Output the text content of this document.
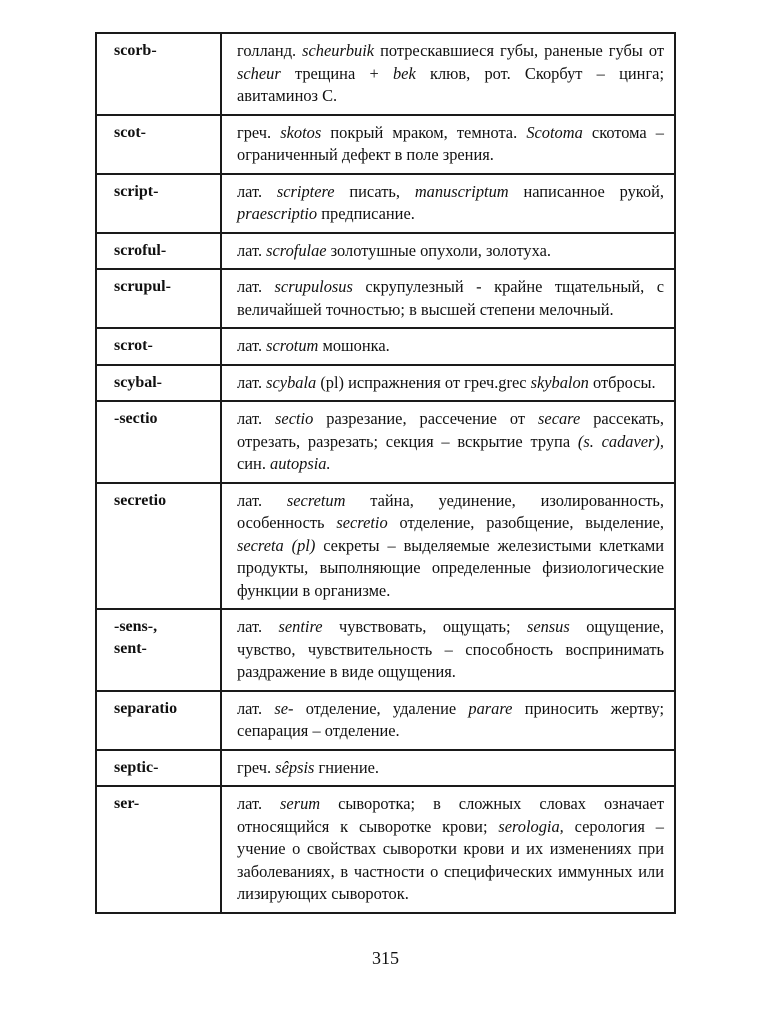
scorb-	голланд. scheurbuik потрескавшиеся губы, раненые губы от scheur трещина + bek клюв, рот. Скорбут – цинга; авитаминоз С.
scot-	греч. skotos покрый мраком, темнота. Scotoma скотома – ограниченный дефект в поле зрения.
script-	лат. scriptere писать, manuscriptum написанное рукой, praescriptio предписание.
scroful-	лат. scrofulae золотушные опухоли, золотуха.
scrupul-	лат. scrupulosus скрупулезный - крайне тщательный, с величайшей точностью; в высшей степени мелочный.
scrot-	лат. scrotum мошонка.
scybal-	лат. scybala (pl) испражнения от греч.grec skybalon отбросы.
-sectio	лат. sectio разрезание, рассечение от secare рассекать, отрезать, разрезать; секция – вскрытие трупа (s. cadaver), син. autopsia.
secretio	лат. secretum тайна, уединение, изолированность, особенность secretio отделение, разобщение, выделение, secreta (pl) секреты – выделяемые железистыми клетками продукты, выполняющие определенные физиологические функции в организме.
-sens-,
sent-	лат. sentire чувствовать, ощущать; sensus ощущение, чувство, чувствительность – способность воспринимать раздражение в виде ощущения.
separatio	лат. se- отделение, удаление parare приносить жертву; сепарация – отделение.
septic-	греч. sêpsis гниение.
ser-	лат. serum сыворотка; в сложных словах означает относящийся к сыворотке крови; serologia, серология – учение о свойствах сыворотки крови и их изменениях при заболеваниях, в частности о специфических иммунных или лизирующих сывороток.
315
